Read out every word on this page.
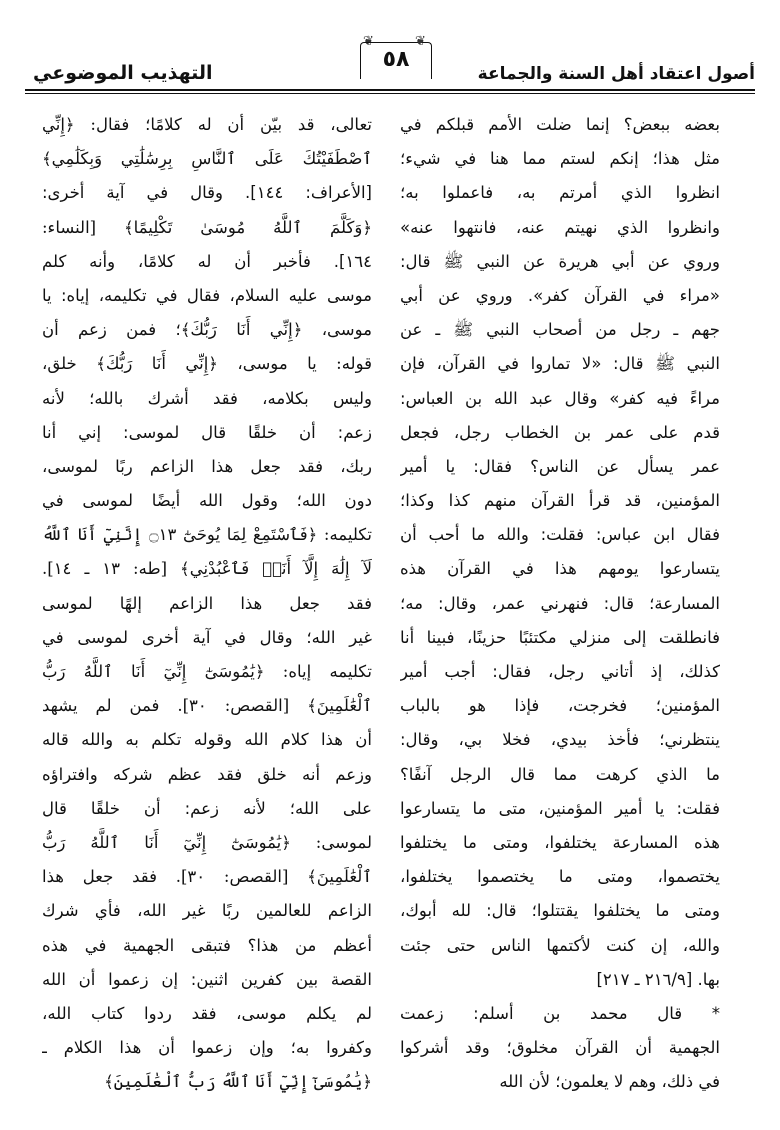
أصول اعتقاد أهل السنة والجماعة
❦
٥٨
❦
التهذيب الموضوعي
بعضه ببعض؟ إنما ضلت الأمم قبلكم في
مثل هذا؛ إنكم لستم مما هنا في شيء؛
انظروا الذي أمرتم به، فاعملوا به؛
وانظروا الذي نهيتم عنه، فانتهوا عنه»
وروي عن أبي هريرة عن النبي ﷺ قال:
«مراء في القرآن كفر». وروي عن أبي
جهم ـ رجل من أصحاب النبي ﷺ ـ عن
النبي ﷺ قال: «لا تماروا في القرآن، فإن
مراءً فيه كفر» وقال عبد الله بن العباس:
قدم على عمر بن الخطاب رجل، فجعل
عمر يسأل عن الناس؟ فقال: يا أمير
المؤمنين، قد قرأ القرآن منهم كذا وكذا؛
فقال ابن عباس: فقلت: والله ما أحب أن
يتسارعوا يومهم هذا في القرآن هذه
المسارعة؛ قال: فنهرني عمر، وقال: مه؛
فانطلقت إلى منزلي مكتئبًا حزينًا، فبينا أنا
كذلك، إذ أتاني رجل، فقال: أجب أمير
المؤمنين؛ فخرجت، فإذا هو بالباب
ينتظرني؛ فأخذ بيدي، فخلا بي، وقال:
ما الذي كرهت مما قال الرجل آنفًا؟
فقلت: يا أمير المؤمنين، متى ما يتسارعوا
هذه المسارعة يختلفوا، ومتى ما يختلفوا
يختصموا، ومتى ما يختصموا يختلفوا،
ومتى ما يختلفوا يقتتلوا؛ قال: لله أبوك،
والله، إن كنت لأكتمها الناس حتى جئت
بها. [٢١٦/٩ ـ ٢١٧]
* قال محمد بن أسلم: زعمت
الجهمية أن القرآن مخلوق؛ وقد أشركوا
في ذلك، وهم لا يعلمون؛ لأن الله
تعالى، قد بيّن أن له كلامًا؛ فقال: ﴿إِنِّي
ٱصْطَفَيْتُكَ عَلَى ٱلنَّاسِ بِرِسَٰلَٰتِي وَبِكَلَٰمِي﴾
[الأعراف: ١٤٤]. وقال في آية أخرى:
﴿وَكَلَّمَ ٱللَّهُ مُوسَىٰ تَكْلِيمًا﴾ [النساء:
١٦٤]. فأخبر أن له كلامًا، وأنه كلم
موسى عليه السلام، فقال في تكليمه، إياه: يا
موسى، ﴿إِنِّي أَنَا رَبُّكَ﴾؛ فمن زعم أن
قوله: يا موسى، ﴿إِنِّي أَنَا رَبُّكَ﴾ خلق،
وليس بكلامه، فقد أشرك بالله؛ لأنه
زعم: أن خلقًا قال لموسى: إني أنا
ربك، فقد جعل هذا الزاعم ربًا لموسى،
دون الله؛ وقول الله أيضًا لموسى في
تكليمه: ﴿فَٱسْتَمِعْ لِمَا يُوحَىٰٓ ۝١٣ إِنَّنِيٓ أَنَا ٱللَّهُ
لَآ إِلَٰهَ إِلَّآ أَنَا۠ فَٱعْبُدْنِي﴾ [طه: ١٣ ـ ١٤].
فقد جعل هذا الزاعم إلهًا لموسى
غير الله؛ وقال في آية أخرى لموسى في
تكليمه إياه: ﴿يَٰمُوسَىٰٓ إِنِّيٓ أَنَا ٱللَّهُ رَبُّ
ٱلْعَٰلَمِينَ﴾ [القصص: ٣٠]. فمن لم يشهد
أن هذا كلام الله وقوله تكلم به والله قاله
وزعم أنه خلق فقد عظم شركه وافتراؤه
على الله؛ لأنه زعم: أن خلقًا قال
لموسى: ﴿يَٰمُوسَىٰٓ إِنِّيٓ أَنَا ٱللَّهُ رَبُّ
ٱلْعَٰلَمِينَ﴾ [القصص: ٣٠]. فقد جعل هذا
الزاعم للعالمين ربًا غير الله، فأي شرك
أعظم من هذا؟ فتبقى الجهمية في هذه
القصة بين كفرين اثنين: إن زعموا أن الله
لم يكلم موسى، فقد ردوا كتاب الله،
وكفروا به؛ وإن زعموا أن هذا الكلام ـ
﴿يَٰمُوسَىٰٓ إِنِّيٓ أَنَا ٱللَّهُ رَبُّ ٱلْعَٰلَمِينَ﴾
